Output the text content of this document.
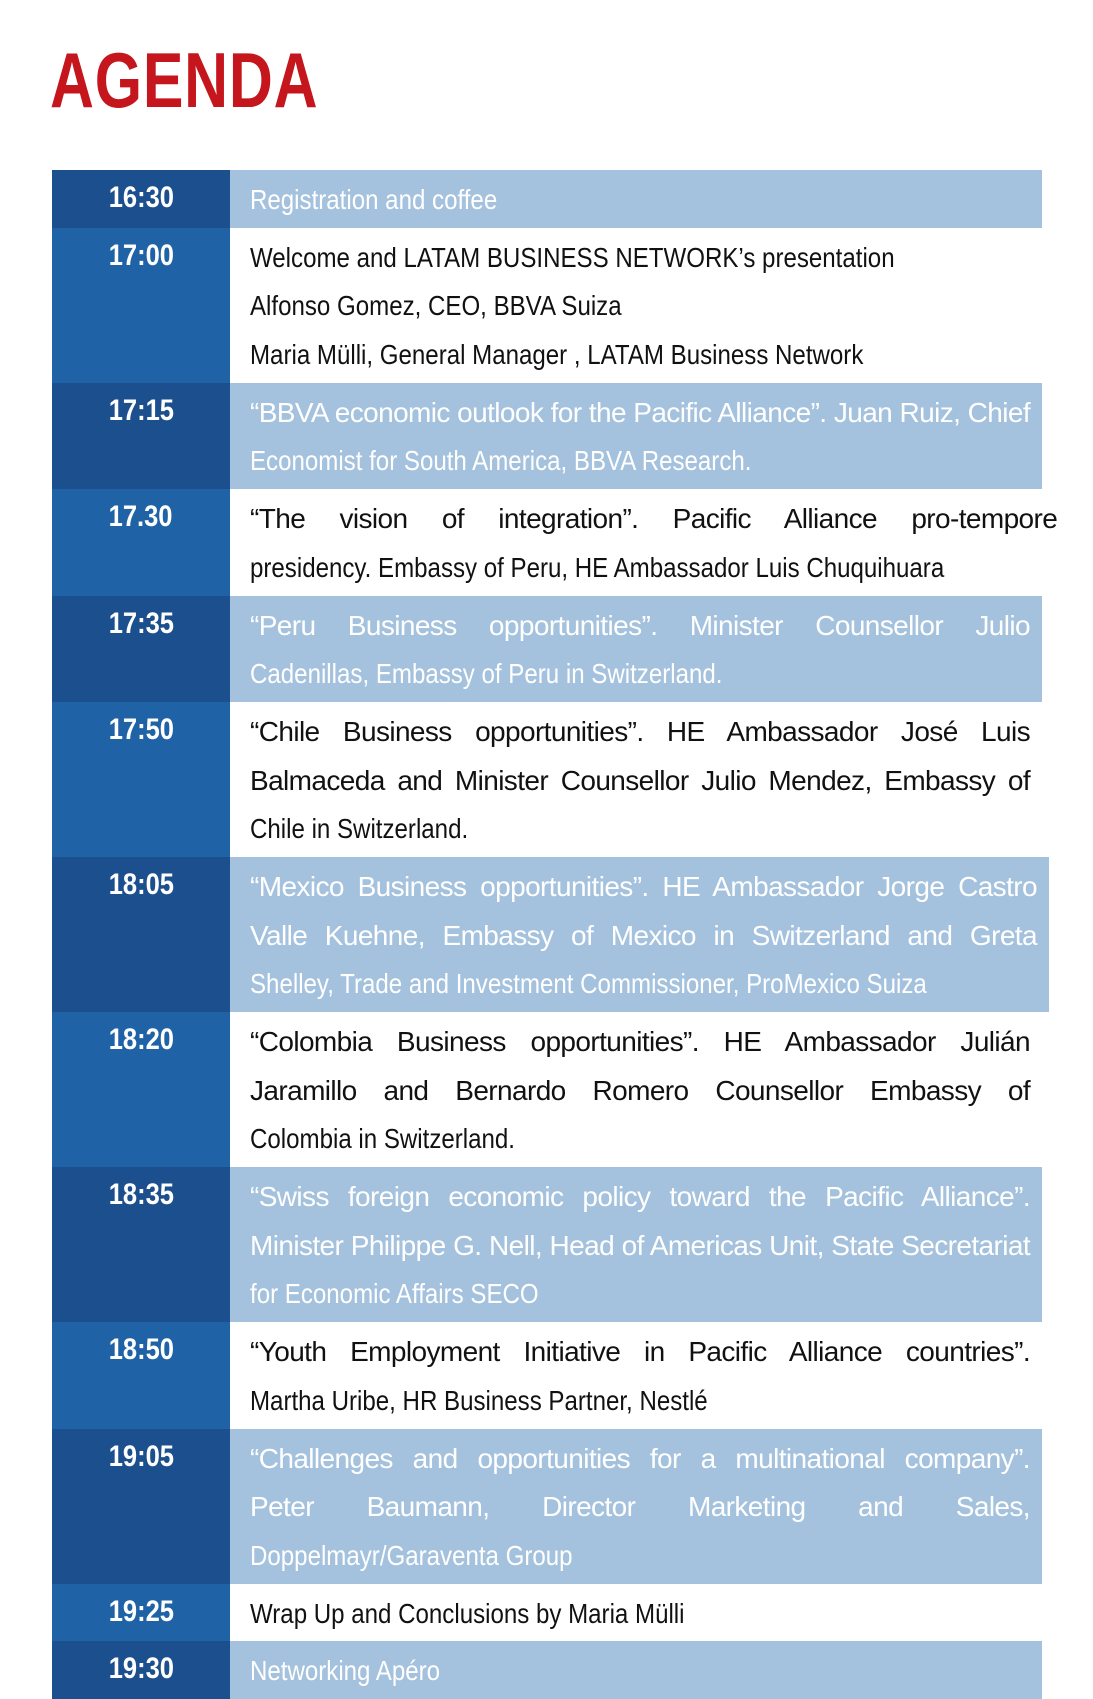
AGENDA
16:30	Registration and coffee
17:00	Welcome and LATAM BUSINESS NETWORK’s presentation
Alfonso Gomez, CEO, BBVA Suiza
Maria Mülli, General Manager , LATAM Business Network
17:15	“BBVA economic outlook for the Pacific Alliance”. Juan Ruiz, Chief
Economist for South America, BBVA Research.
17.30	“The vision of integration”. Pacific Alliance pro-tempore
presidency. Embassy of Peru, HE Ambassador Luis Chuquihuara
17:35	“Peru Business opportunities”. Minister Counsellor Julio
Cadenillas, Embassy of Peru in Switzerland.
17:50	“Chile Business opportunities”. HE Ambassador José Luis
Balmaceda and Minister Counsellor Julio Mendez, Embassy of
Chile in Switzerland.
18:05	“Mexico Business opportunities”. HE Ambassador Jorge Castro
Valle Kuehne, Embassy of Mexico in Switzerland and Greta
Shelley, Trade and Investment Commissioner, ProMexico Suiza
18:20	“Colombia Business opportunities”. HE Ambassador Julián
Jaramillo and Bernardo Romero Counsellor Embassy of
Colombia in Switzerland.
18:35	“Swiss foreign economic policy toward the Pacific Alliance”.
Minister Philippe G. Nell, Head of Americas Unit, State Secretariat
for Economic Affairs SECO
18:50	“Youth Employment Initiative in Pacific Alliance countries”.
Martha Uribe, HR Business Partner, Nestlé
19:05	“Challenges and opportunities for a multinational company”.
Peter Baumann, Director Marketing and Sales,
Doppelmayr/Garaventa Group
19:25	Wrap Up and Conclusions by Maria Mülli
19:30	Networking Apéro
